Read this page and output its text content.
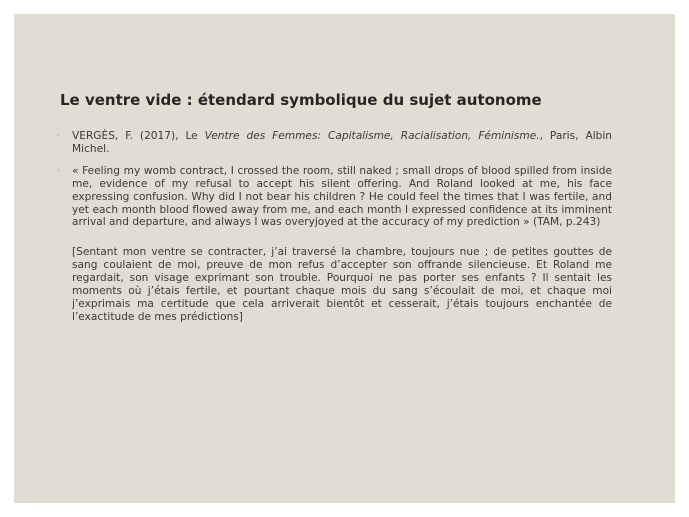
Le ventre vide : étendard symbolique du sujet autonome
◦ VERGÈS, F. (2017), Le Ventre des Femmes: Capitalisme, Racialisation, Féminisme., Paris, Albin Michel.

◦ « Feeling my womb contract, I crossed the room, still naked ; small drops of blood spilled from inside me, evidence of my refusal to accept his silent offering. And Roland looked at me, his face expressing confusion. Why did I not bear his children ? He could feel the times that I was fertile, and yet each month blood flowed away from me, and each month I expressed confidence at its imminent arrival and departure, and always I was overyjoyed at the accuracy of my prediction » (TAM, p.243)

[Sentant mon ventre se contracter, j’ai traversé la chambre, toujours nue ; de petites gouttes de sang coulaient de moi, preuve de mon refus d’accepter son offrande silencieuse. Et Roland me regardait, son visage exprimant son trouble. Pourquoi ne pas porter ses enfants ? Il sentait les moments où j’étais fertile, et pourtant chaque mois du sang s’écoulait de moi, et chaque moi j’exprimais ma certitude que cela arriverait bientôt et cesserait, j’étais toujours enchantée de l’exactitude de mes prédictions]
